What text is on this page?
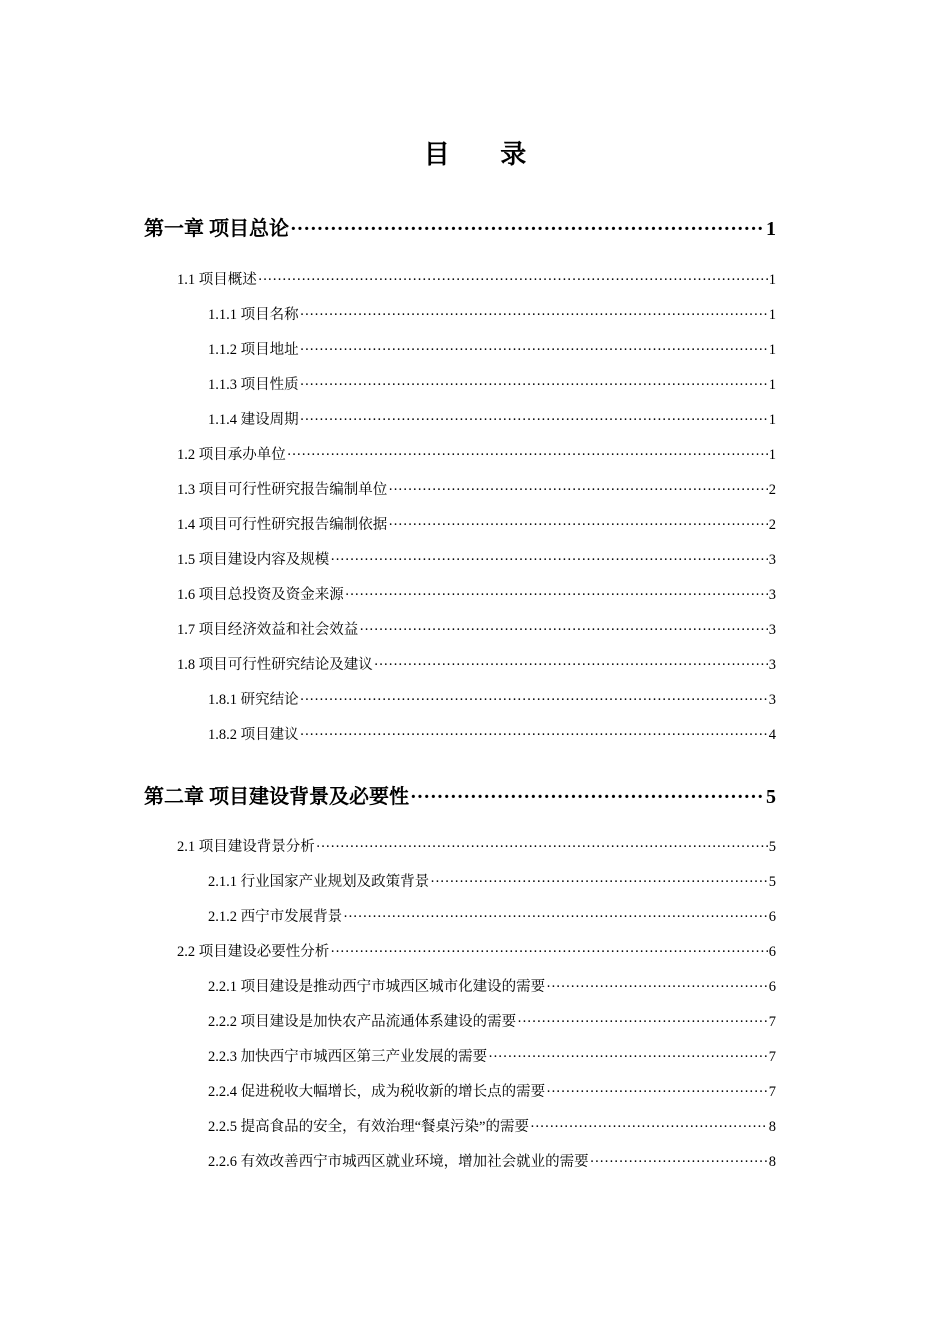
目 录
第一章 项目总论 ·····	1
1.1 项目概述 ·····	1
1.1.1 项目名称 ·····	1
1.1.2 项目地址 ·····	1
1.1.3 项目性质 ·····	1
1.1.4 建设周期 ·····	1
1.2 项目承办单位 ·····	1
1.3 项目可行性研究报告编制单位 ·····	2
1.4 项目可行性研究报告编制依据 ·····	2
1.5 项目建设内容及规模 ·····	3
1.6 项目总投资及资金来源 ·····	3
1.7 项目经济效益和社会效益 ·····	3
1.8 项目可行性研究结论及建议 ·····	3
1.8.1 研究结论 ·····	3
1.8.2 项目建议 ·····	4
第二章 项目建设背景及必要性 ·····	5
2.1 项目建设背景分析 ·····	5
2.1.1 行业国家产业规划及政策背景 ·····	5
2.1.2 西宁市发展背景 ·····	6
2.2 项目建设必要性分析 ·····	6
2.2.1 项目建设是推动西宁市城西区城市化建设的需要 ·····	6
2.2.2 项目建设是加快农产品流通体系建设的需要 ·····	7
2.2.3 加快西宁市城西区第三产业发展的需要 ·····	7
2.2.4 促进税收大幅增长，成为税收新的增长点的需要 ·····	7
2.2.5 提高食品的安全，有效治理“餐桌污染”的需要 ·····	8
2.2.6 有效改善西宁市城西区就业环境，增加社会就业的需要 ·····	8
